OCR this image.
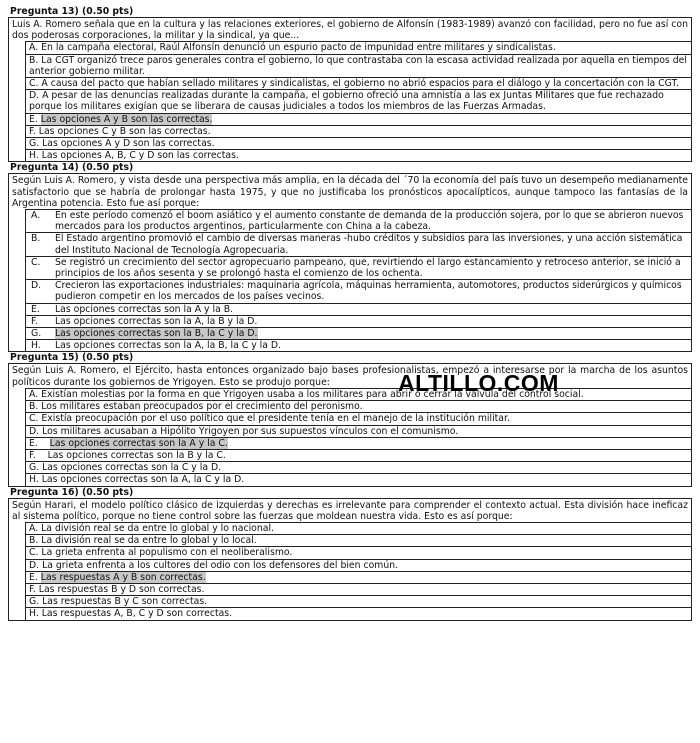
Pregunta 13) (0.50 pts)
Luis A. Romero señala que en la cultura y las relaciones exteriores, el gobierno de Alfonsín (1983-1989) avanzó con facilidad, pero no fue así con dos poderosas corporaciones, la militar y la sindical, ya que...
A. En la campaña electoral, Raúl Alfonsín denunció un espurio pacto de impunidad entre militares y sindicalistas.
B. La CGT organizó trece paros generales contra el gobierno, lo que contrastaba con la escasa actividad realizada por aquella en tiempos del anterior gobierno militar.
C. A causa del pacto que habían sellado militares y sindicalistas, el gobierno no abrió espacios para el diálogo y la concertación con la CGT.
D. A pesar de las denuncias realizadas durante la campaña, el gobierno ofreció una amnistía a las ex Juntas Militares que fue rechazado porque los militares exigían que se liberara de causas judiciales a todos los miembros de las Fuerzas Armadas.
E. Las opciones A y B son las correctas.
F. Las opciones C y B son las correctas.
G. Las opciones A y D son las correctas.
H. Las opciones A, B, C y D son las correctas.
Pregunta 14) (0.50 pts)
Según Luis A. Romero, y vista desde una perspectiva más amplia, en la década del ´70 la economía del país tuvo un desempeño medianamente satisfactorio que se habría de prolongar hasta 1975, y que no justificaba los pronósticos apocalípticos, aunque tampoco las fantasías de la Argentina potencia. Esto fue así porque:
A.	En este período comenzó el boom asiático y el aumento constante de demanda de la producción sojera, por lo que se abrieron nuevos mercados para los productos argentinos, particularmente con China a la cabeza.
B.	El Estado argentino promovió el cambio de diversas maneras -hubo créditos y subsidios para las inversiones, y una acción sistemática del Instituto Nacional de Tecnología Agropecuaria.
C.	Se registró un crecimiento del sector agropecuario pampeano, que, revirtiendo el largo estancamiento y retroceso anterior, se inició a principios de los años sesenta y se prolongó hasta el comienzo de los ochenta.
D.	Crecieron las exportaciones industriales: maquinaria agrícola, máquinas herramienta, automotores, productos siderúrgicos y químicos pudieron competir en los mercados de los países vecinos.
E.	Las opciones correctas son la A y la B.
F.	Las opciones correctas son la A, la B y la D.
G.	Las opciones correctas son la B, la C y la D.
H.	Las opciones correctas son la A, la B, la C y la D.
Pregunta 15) (0.50 pts)
Según Luis A. Romero, el Ejército, hasta entonces organizado bajo bases profesionalistas, empezó a interesarse por la marcha de los asuntos políticos durante los gobiernos de Yrigoyen. Esto se produjo porque:
A. Existían molestias por la forma en que Yrigoyen usaba a los militares para abrir o cerrar la válvula del control social.
B. Los militares estaban preocupados por el crecimiento del peronismo.
C. Existía preocupación por el uso político que el presidente tenía en el manejo de la institución militar.
D. Los militares acusaban a Hipólito Yrigoyen por sus supuestos vínculos con el comunismo.
E.    Las opciones correctas son la A y la C.
F.    Las opciones correctas son la B y la C.
G. Las opciones correctas son la C y la D.
H. Las opciones correctas son la A, la C y la D.
Pregunta 16) (0.50 pts)
Según Harari, el modelo político clásico de izquierdas y derechas es irrelevante para comprender el contexto actual. Esta división hace ineficaz al sistema político, porque no tiene control sobre las fuerzas que moldean nuestra vida. Esto es así porque:
A. La división real se da entre lo global y lo nacional.
B. La división real se da entre lo global y lo local.
C. La grieta enfrenta al populismo con el neoliberalismo.
D. La grieta enfrenta a los cultores del odio con los defensores del bien común.
E. Las respuestas A y B son correctas.
F. Las respuestas B y D son correctas.
G. Las respuestas B y C son correctas.
H. Las respuestas A, B, C y D son correctas.
ALTILLO.COM
